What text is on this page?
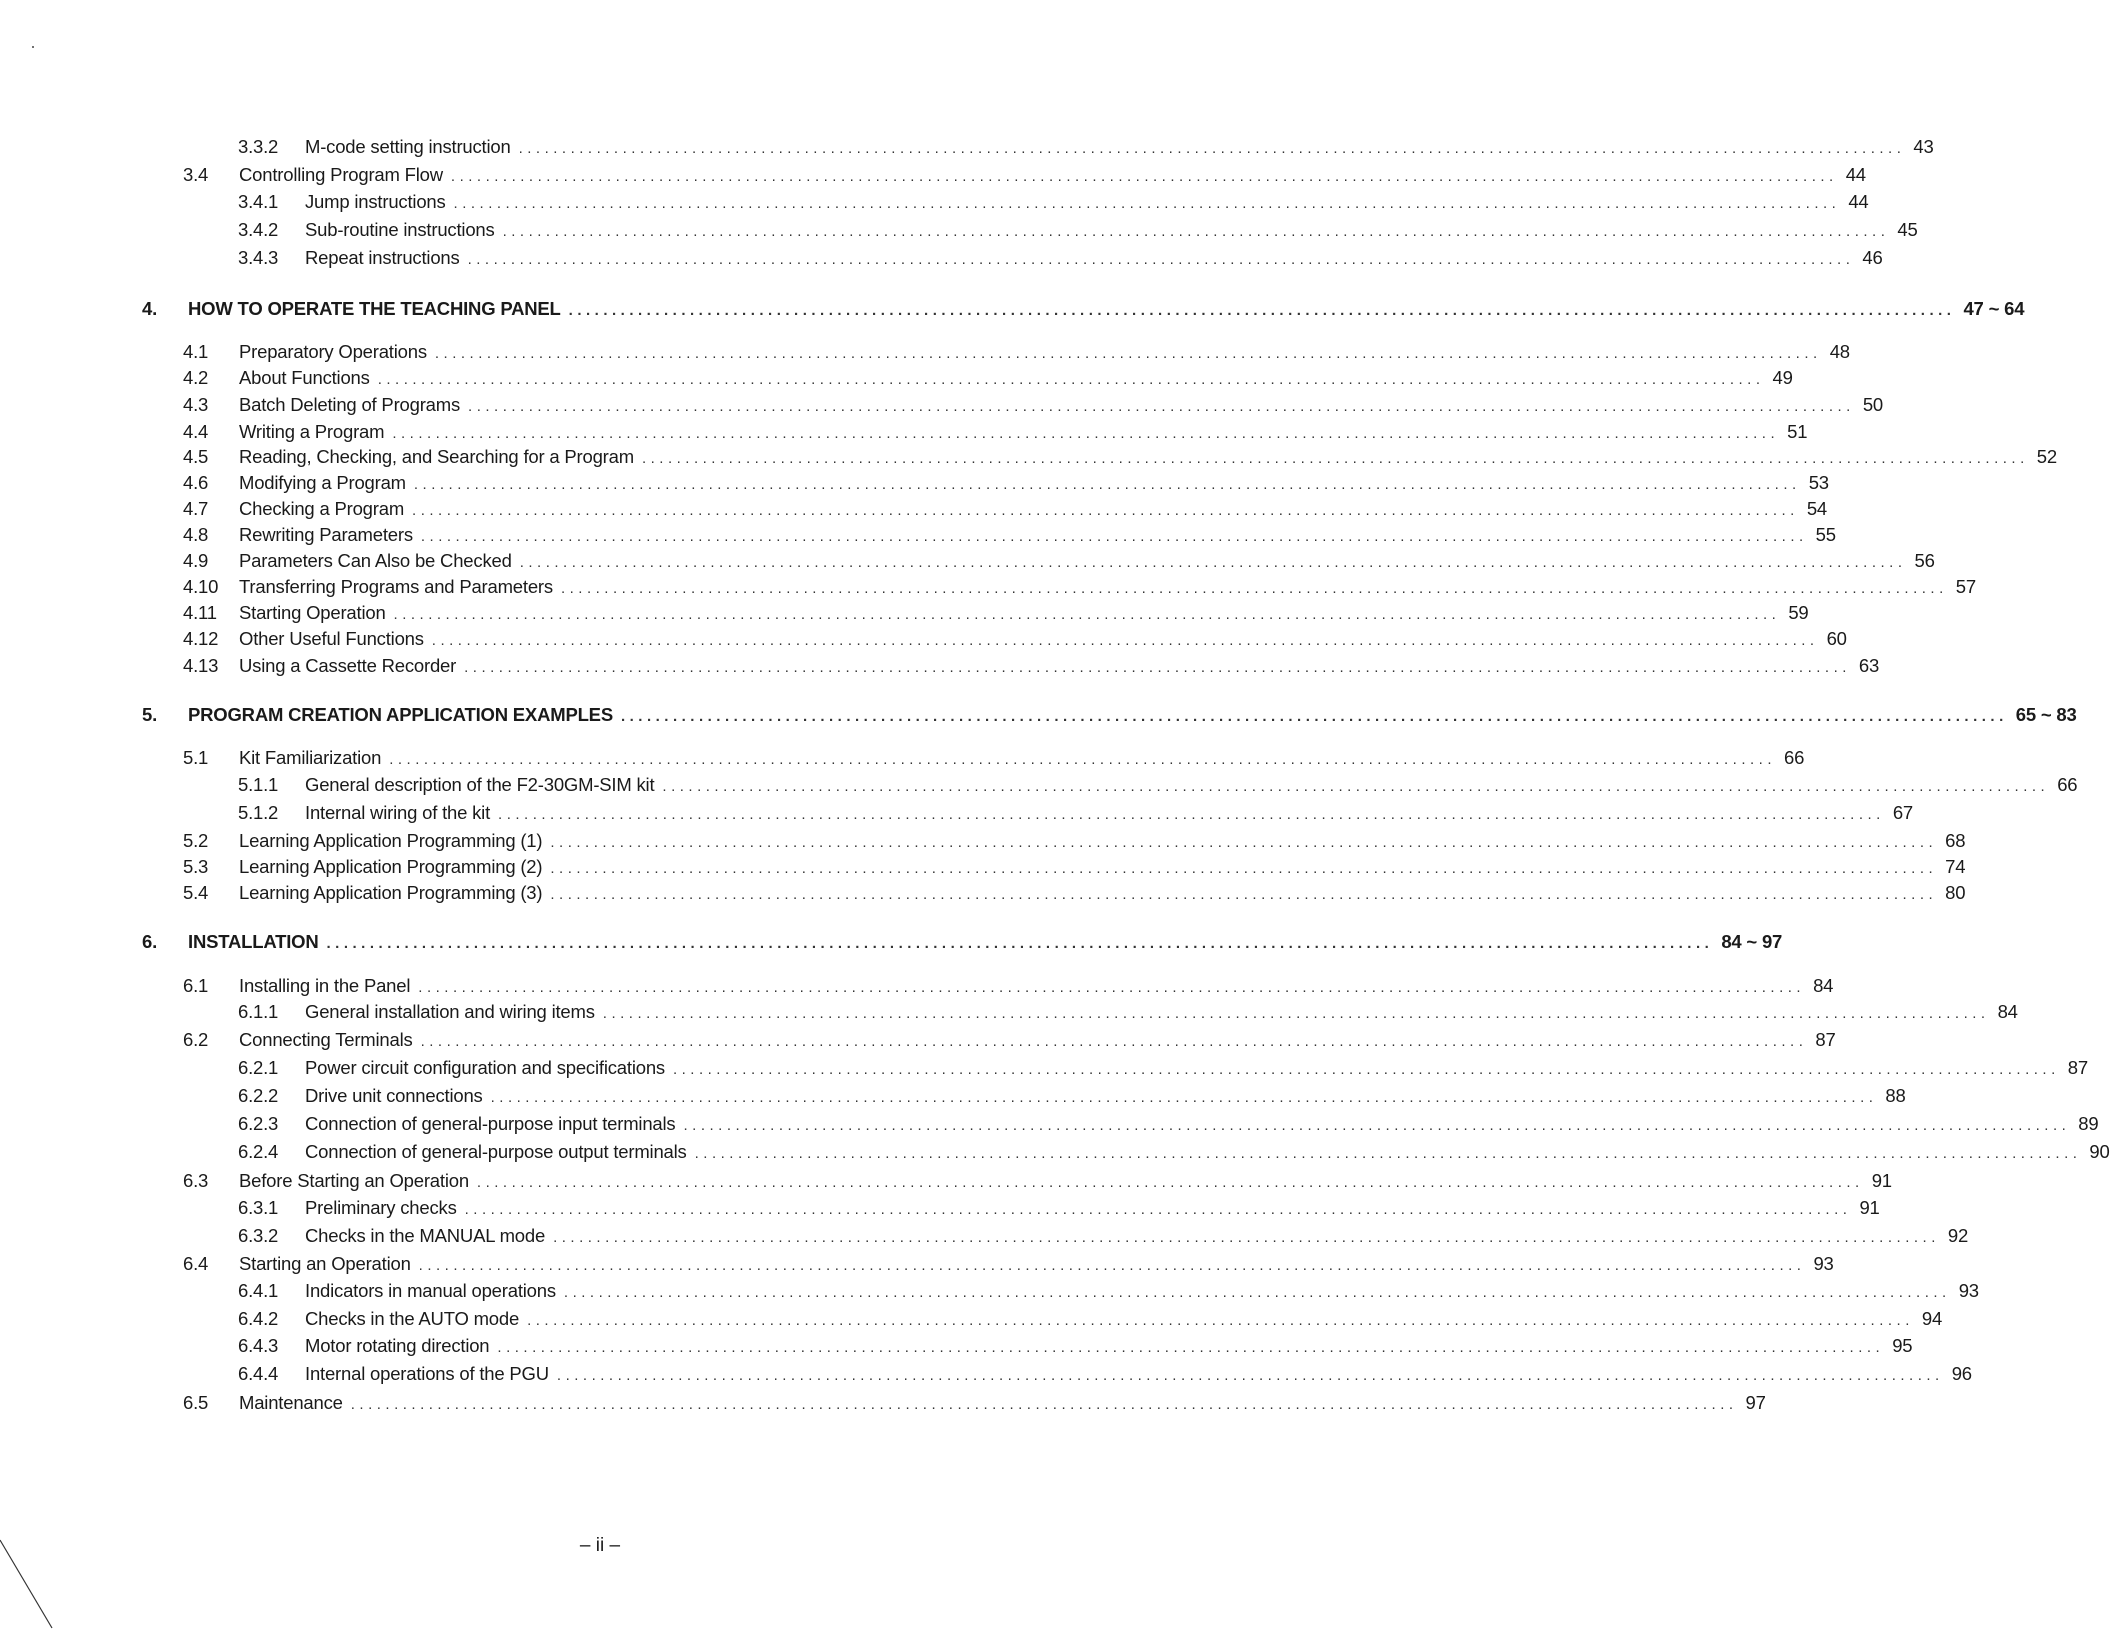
3.3.2	M-code setting instruction ................................................................................................................................................................ 43
3.4	Controlling Program Flow ................................................................................................................................................................ 44
3.4.1	Jump instructions ................................................................................................................................................................ 44
3.4.2	Sub-routine instructions ................................................................................................................................................................ 45
3.4.3	Repeat instructions ................................................................................................................................................................ 46
4.	HOW TO OPERATE THE TEACHING PANEL ................................................................................................................................................................ 47 ~ 64
4.1	Preparatory Operations ................................................................................................................................................................ 48
4.2	About Functions ................................................................................................................................................................ 49
4.3	Batch Deleting of Programs ................................................................................................................................................................ 50
4.4	Writing a Program ................................................................................................................................................................ 51
4.5	Reading, Checking, and Searching for a Program ................................................................................................................................................................ 52
4.6	Modifying a Program ................................................................................................................................................................ 53
4.7	Checking a Program ................................................................................................................................................................ 54
4.8	Rewriting Parameters ................................................................................................................................................................ 55
4.9	Parameters Can Also be Checked ................................................................................................................................................................ 56
4.10	Transferring Programs and Parameters ................................................................................................................................................................ 57
4.11	Starting Operation ................................................................................................................................................................ 59
4.12	Other Useful Functions ................................................................................................................................................................ 60
4.13	Using a Cassette Recorder ................................................................................................................................................................ 63
5.	PROGRAM CREATION APPLICATION EXAMPLES ................................................................................................................................................................ 65 ~ 83
5.1	Kit Familiarization ................................................................................................................................................................ 66
5.1.1	General description of the F2-30GM-SIM kit ................................................................................................................................................................ 66
5.1.2	Internal wiring of the kit ................................................................................................................................................................ 67
5.2	Learning Application Programming (1) ................................................................................................................................................................ 68
5.3	Learning Application Programming (2) ................................................................................................................................................................ 74
5.4	Learning Application Programming (3) ................................................................................................................................................................ 80
6.	INSTALLATION ................................................................................................................................................................ 84 ~ 97
6.1	Installing in the Panel ................................................................................................................................................................ 84
6.1.1	General installation and wiring items ................................................................................................................................................................ 84
6.2	Connecting Terminals ................................................................................................................................................................ 87
6.2.1	Power circuit configuration and specifications ................................................................................................................................................................ 87
6.2.2	Drive unit connections ................................................................................................................................................................ 88
6.2.3	Connection of general-purpose input terminals ................................................................................................................................................................ 89
6.2.4	Connection of general-purpose output terminals ................................................................................................................................................................ 90
6.3	Before Starting an Operation ................................................................................................................................................................ 91
6.3.1	Preliminary checks ................................................................................................................................................................ 91
6.3.2	Checks in the MANUAL mode ................................................................................................................................................................ 92
6.4	Starting an Operation ................................................................................................................................................................ 93
6.4.1	Indicators in manual operations ................................................................................................................................................................ 93
6.4.2	Checks in the AUTO mode ................................................................................................................................................................ 94
6.4.3	Motor rotating direction ................................................................................................................................................................ 95
6.4.4	Internal operations of the PGU ................................................................................................................................................................ 96
6.5	Maintenance ................................................................................................................................................................ 97
– ii –
